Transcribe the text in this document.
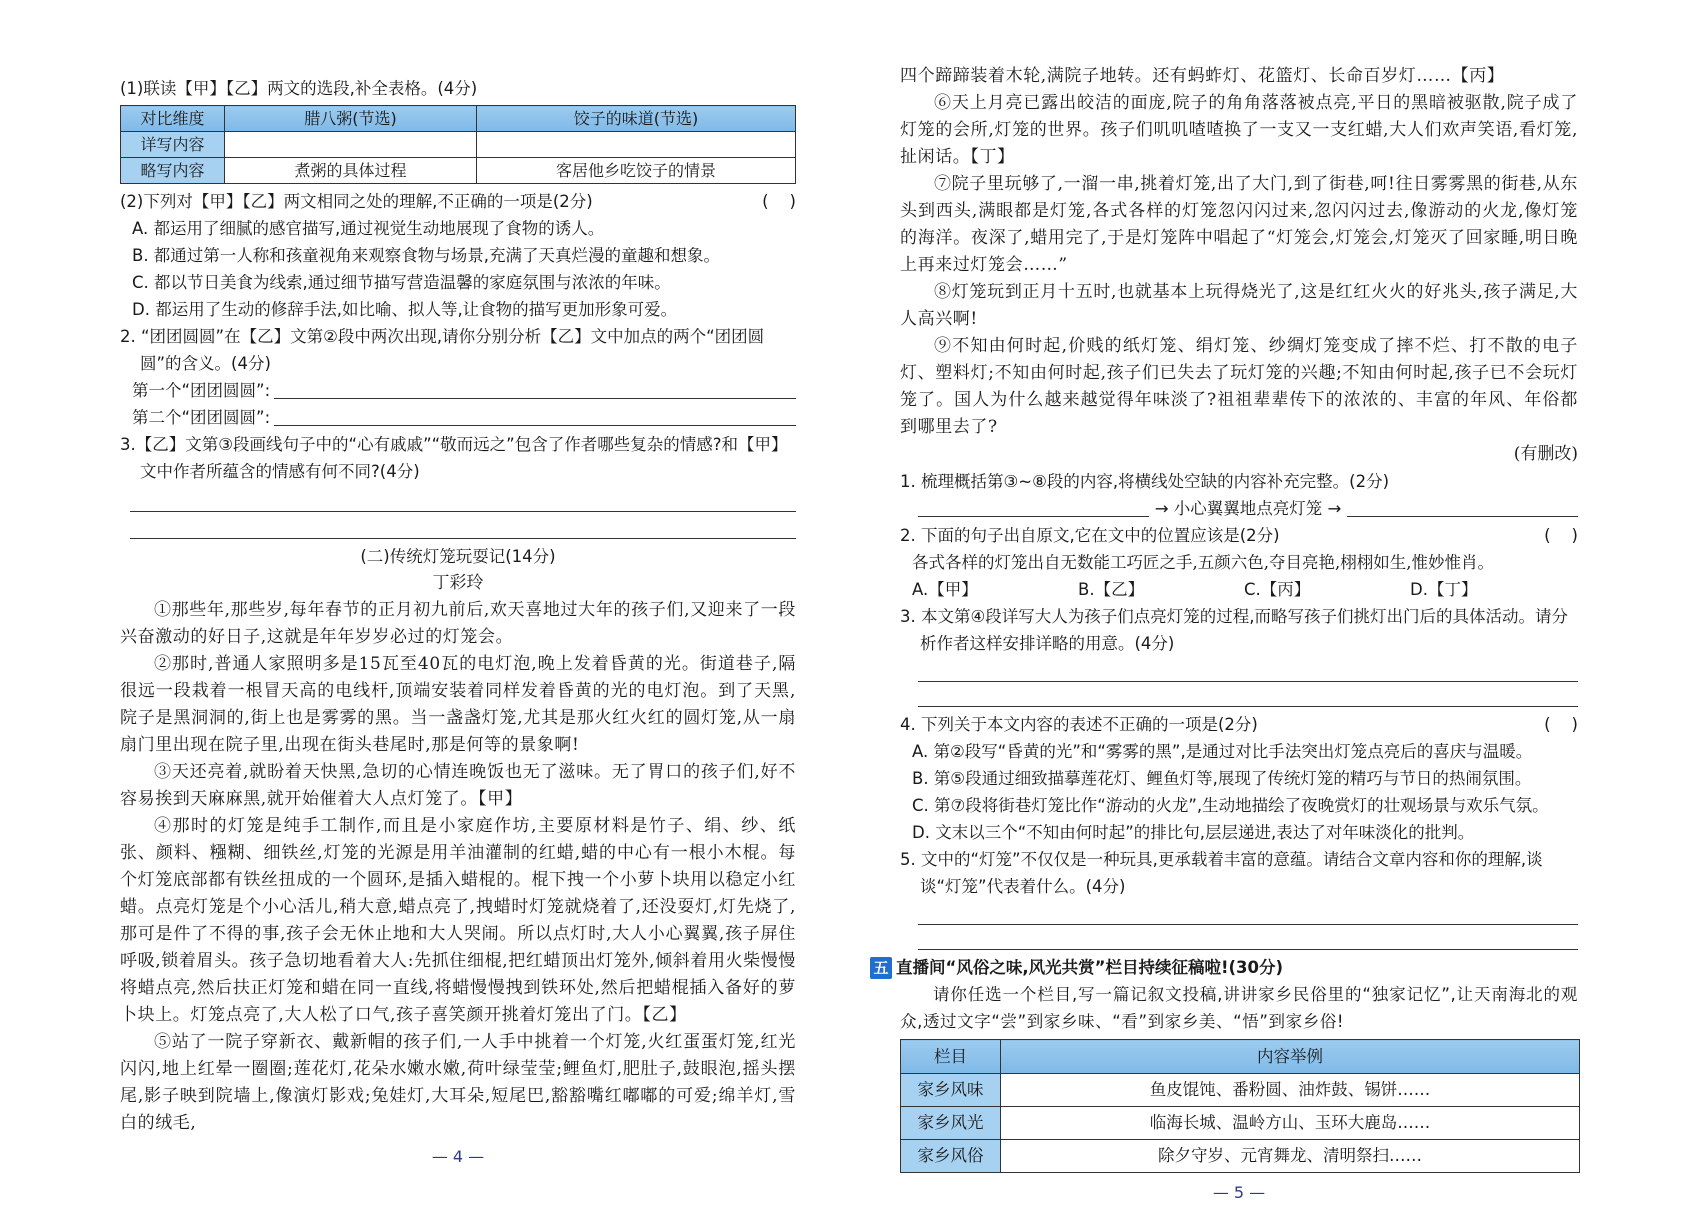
(1)联读【甲】【乙】两文的选段,补全表格。(4分)
对比维度	腊八粥(节选)	饺子的味道(节选)
详写内容		
略写内容	煮粥的具体过程	客居他乡吃饺子的情景
(2)下列对【甲】【乙】两文相同之处的理解,不正确的一项是(2分)	(    )
A. 都运用了细腻的感官描写,通过视觉生动地展现了食物的诱人。
B. 都通过第一人称和孩童视角来观察食物与场景,充满了天真烂漫的童趣和想象。
C. 都以节日美食为线索,通过细节描写营造温馨的家庭氛围与浓浓的年味。
D. 都运用了生动的修辞手法,如比喻、拟人等,让食物的描写更加形象可爱。
2. “团团圆圆”在【乙】文第②段中两次出现,请你分别分析【乙】文中加点的两个“团团圆圆”的含义。(4分)
第一个“团团圆圆”:
第二个“团团圆圆”:
3.【乙】文第③段画线句子中的“心有戚戚”“敬而远之”包含了作者哪些复杂的情感?和【甲】文中作者所蕴含的情感有何不同?(4分)
(二)传统灯笼玩耍记(14分)
丁彩玲
①那些年,那些岁,每年春节的正月初九前后,欢天喜地过大年的孩子们,又迎来了一段兴奋激动的好日子,这就是年年岁岁必过的灯笼会。
②那时,普通人家照明多是15瓦至40瓦的电灯泡,晚上发着昏黄的光。街道巷子,隔很远一段栽着一根冒天高的电线杆,顶端安装着同样发着昏黄的光的电灯泡。到了天黑,院子是黑洞洞的,街上也是雾雾的黑。当一盏盏灯笼,尤其是那火红火红的圆灯笼,从一扇扇门里出现在院子里,出现在街头巷尾时,那是何等的景象啊!
③天还亮着,就盼着天快黑,急切的心情连晚饭也无了滋味。无了胃口的孩子们,好不容易挨到天麻麻黑,就开始催着大人点灯笼了。【甲】
④那时的灯笼是纯手工制作,而且是小家庭作坊,主要原材料是竹子、绢、纱、纸张、颜料、糨糊、细铁丝,灯笼的光源是用羊油灌制的红蜡,蜡的中心有一根小木棍。每个灯笼底部都有铁丝扭成的一个圆环,是插入蜡棍的。棍下拽一个小萝卜块用以稳定小红蜡。点亮灯笼是个小心活儿,稍大意,蜡点亮了,拽蜡时灯笼就烧着了,还没耍灯,灯先烧了,那可是件了不得的事,孩子会无休止地和大人哭闹。所以点灯时,大人小心翼翼,孩子屏住呼吸,锁着眉头。孩子急切地看着大人:先抓住细棍,把红蜡顶出灯笼外,倾斜着用火柴慢慢将蜡点亮,然后扶正灯笼和蜡在同一直线,将蜡慢慢拽到铁环处,然后把蜡棍插入备好的萝卜块上。灯笼点亮了,大人松了口气,孩子喜笑颜开挑着灯笼出了门。【乙】
⑤站了一院子穿新衣、戴新帽的孩子们,一人手中挑着一个灯笼,火红蛋蛋灯笼,红光闪闪,地上红晕一圈圈;莲花灯,花朵水嫩水嫩,荷叶绿莹莹;鲤鱼灯,肥肚子,鼓眼泡,摇头摆尾,影子映到院墙上,像演灯影戏;兔娃灯,大耳朵,短尾巴,豁豁嘴红嘟嘟的可爱;绵羊灯,雪白的绒毛,
— 4 —
四个蹄蹄装着木轮,满院子地转。还有蚂蚱灯、花篮灯、长命百岁灯……【丙】
⑥天上月亮已露出皎洁的面庞,院子的角角落落被点亮,平日的黑暗被驱散,院子成了灯笼的会所,灯笼的世界。孩子们叽叽喳喳换了一支又一支红蜡,大人们欢声笑语,看灯笼,扯闲话。【丁】
⑦院子里玩够了,一溜一串,挑着灯笼,出了大门,到了街巷,呵!往日雾雾黑的街巷,从东头到西头,满眼都是灯笼,各式各样的灯笼忽闪闪过来,忽闪闪过去,像游动的火龙,像灯笼的海洋。夜深了,蜡用完了,于是灯笼阵中唱起了“灯笼会,灯笼会,灯笼灭了回家睡,明日晚上再来过灯笼会……”
⑧灯笼玩到正月十五时,也就基本上玩得烧光了,这是红红火火的好兆头,孩子满足,大人高兴啊!
⑨不知由何时起,价贱的纸灯笼、绢灯笼、纱绸灯笼变成了摔不烂、打不散的电子灯、塑料灯;不知由何时起,孩子们已失去了玩灯笼的兴趣;不知由何时起,孩子已不会玩灯笼了。国人为什么越来越觉得年味淡了?祖祖辈辈传下的浓浓的、丰富的年风、年俗都到哪里去了?
(有删改)
1. 梳理概括第③~⑧段的内容,将横线处空缺的内容补充完整。(2分)
→ 小心翼翼地点亮灯笼 →
2. 下面的句子出自原文,它在文中的位置应该是(2分)	(    )
各式各样的灯笼出自无数能工巧匠之手,五颜六色,夺目亮艳,栩栩如生,惟妙惟肖。
A.【甲】	B.【乙】	C.【丙】	D.【丁】
3. 本文第④段详写大人为孩子们点亮灯笼的过程,而略写孩子们挑灯出门后的具体活动。请分析作者这样安排详略的用意。(4分)
4. 下列关于本文内容的表述不正确的一项是(2分)	(    )
A. 第②段写“昏黄的光”和“雾雾的黑”,是通过对比手法突出灯笼点亮后的喜庆与温暖。
B. 第⑤段通过细致描摹莲花灯、鲤鱼灯等,展现了传统灯笼的精巧与节日的热闹氛围。
C. 第⑦段将街巷灯笼比作“游动的火龙”,生动地描绘了夜晚赏灯的壮观场景与欢乐气氛。
D. 文末以三个“不知由何时起”的排比句,层层递进,表达了对年味淡化的批判。
5. 文中的“灯笼”不仅仅是一种玩具,更承载着丰富的意蕴。请结合文章内容和你的理解,谈谈“灯笼”代表着什么。(4分)
五 直播间“风俗之味,风光共赏”栏目持续征稿啦!(30分)
请你任选一个栏目,写一篇记叙文投稿,讲讲家乡民俗里的“独家记忆”,让天南海北的观众,透过文字“尝”到家乡味、“看”到家乡美、“悟”到家乡俗!
栏目	内容举例
家乡风味	鱼皮馄饨、番粉圆、油炸鼓、锡饼……
家乡风光	临海长城、温岭方山、玉环大鹿岛……
家乡风俗	除夕守岁、元宵舞龙、清明祭扫……
— 5 —
